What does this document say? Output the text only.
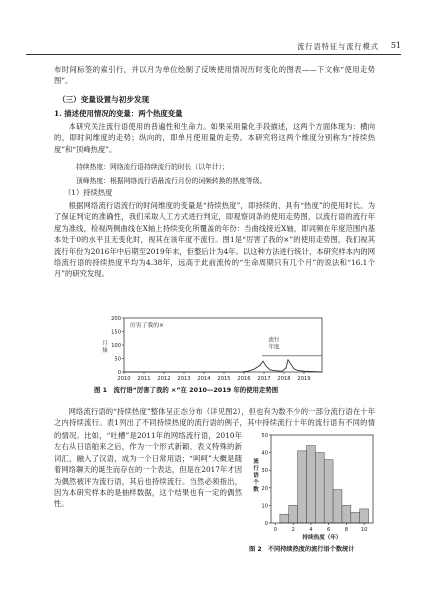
流行语特征与流行模式 51

布时间标签的索引行，并以月为单位绘制了反映使用情况历时变化的图表——下文称“使用走势图”。

（三）变量设置与初步发现
1. 描述使用情况的变量：两个热度变量

本研究关注流行语使用的普遍性和生命力。如果采用量化手段描述，这两个方面体现为：横向的，即时间维度的走势；纵向的，即单月使用量的走势。本研究将这两个维度分别称为“持续热度”和“顶峰热度”。

持续热度：网络流行语持续流行的时长（以年计）；
顶峰热度：根据网络流行语最流行月份的词频转换的热度等级。
（1）持续热度

根据网络流行语流行的时间维度的变量是“持续热度”，即持续的、具有“热度”的使用时长。为了保证判定的准确性，我们采取人工方式进行判定，即观察词条的使用走势图，以流行语的流行年度为准线，检视两侧曲线在X轴上持续变化所覆盖的年份：当曲线接近X轴，即词频在年度范围内基本处于0的水平且无变化时，视其在该年度不流行。图1是“厉害了我的×”的使用走势图，我们视其流行年份为2016年中后期至2019年末，佢整后计为4年。以这种方法进行统计，本研究样本内的网络流行语的持续热度平均为4.38年，远高于此前流传的“生命周期只有几个月”的说法和“16.1个月”的研究发现。

0
50
100
150
200
2010 2011 2012 2013 2014 2015 2016 2017 2018 2019
月频
厉害了我的×
流行年度
图 1　流行语“厉害了我的 ×”在 2010—2019 年的使用走势图

网络流行语的“持续热度”整体呈正态分布（详见图2），但也有为数不少的一部分流行语在十年之内持续流行。表1列出了不同持续热度的流行语的例子，其中持续流行十年的流行语有不同的情

的情况。比如，“吐槽”是2011年的网络流行语，2010年左右从日语舶来之后，作为一个形式新颖、表义特殊的新词汇，融入了汉语，成为一个日常用语；“呵呵”大概是随着网络聊天的诞生而存在的一个表达，但是在2017年才因为偶然被评为流行语，其后也持续流行。当然必须指出，因为本研究样本的是抽样数据，这个结果也有一定的偶然性。

0
10
20
30
40
50
0	2	4	6	8 10
持续热度（年）
流行语个数
图 2　不同持续热度的流行语个数统计
